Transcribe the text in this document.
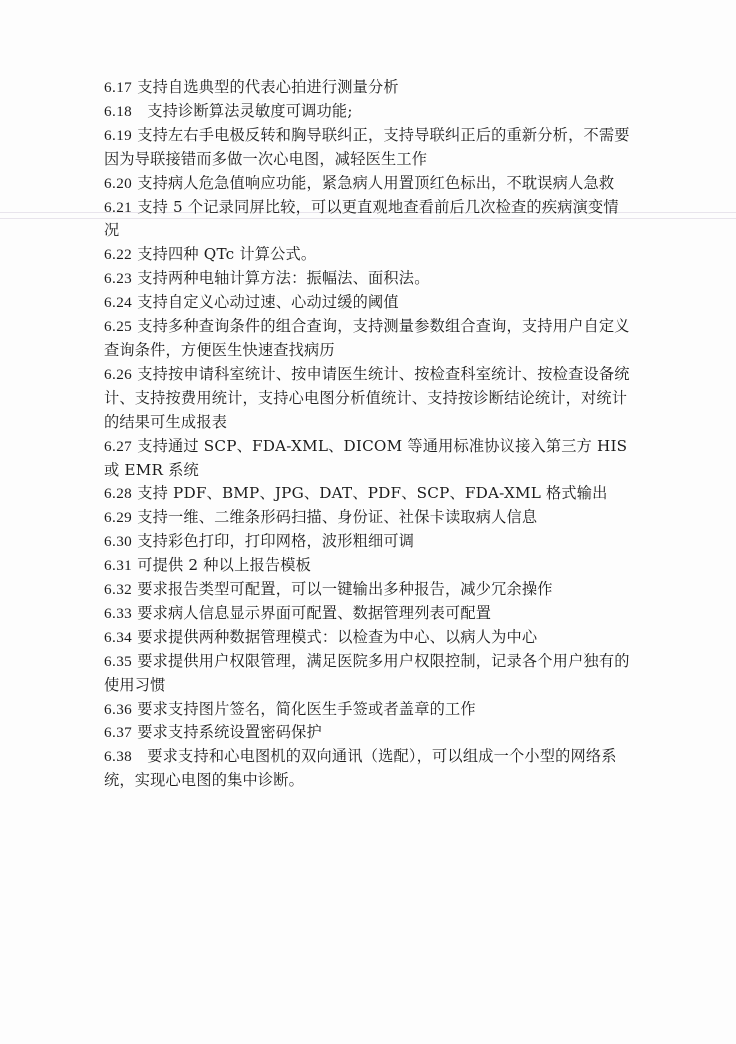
6.17 支持自选典型的代表心拍进行测量分析
6.18 支持诊断算法灵敏度可调功能;
6.19 支持左右手电极反转和胸导联纠正，支持导联纠正后的重新分析，不需要因为导联接错而多做一次心电图，减轻医生工作
6.20 支持病人危急值响应功能，紧急病人用置顶红色标出，不耽误病人急救
6.21 支持 5 个记录同屏比较，可以更直观地查看前后几次检查的疾病演变情况
6.22 支持四种 QTc 计算公式。
6.23 支持两种电轴计算方法：振幅法、面积法。
6.24 支持自定义心动过速、心动过缓的阈值
6.25 支持多种查询条件的组合查询，支持测量参数组合查询，支持用户自定义查询条件，方便医生快速查找病历
6.26 支持按申请科室统计、按申请医生统计、按检查科室统计、按检查设备统计、支持按费用统计，支持心电图分析值统计、支持按诊断结论统计，对统计的结果可生成报表
6.27 支持通过 SCP、FDA-XML、DICOM 等通用标准协议接入第三方 HIS 或 EMR 系统
6.28 支持 PDF、BMP、JPG、DAT、PDF、SCP、FDA-XML 格式输出
6.29 支持一维、二维条形码扫描、身份证、社保卡读取病人信息
6.30 支持彩色打印，打印网格，波形粗细可调
6.31 可提供 2 种以上报告模板
6.32 要求报告类型可配置，可以一键输出多种报告，减少冗余操作
6.33 要求病人信息显示界面可配置、数据管理列表可配置
6.34 要求提供两种数据管理模式：以检查为中心、以病人为中心
6.35 要求提供用户权限管理，满足医院多用户权限控制，记录各个用户独有的使用习惯
6.36 要求支持图片签名，简化医生手签或者盖章的工作
6.37 要求支持系统设置密码保护
6.38 要求支持和心电图机的双向通讯（选配），可以组成一个小型的网络系统，实现心电图的集中诊断。
